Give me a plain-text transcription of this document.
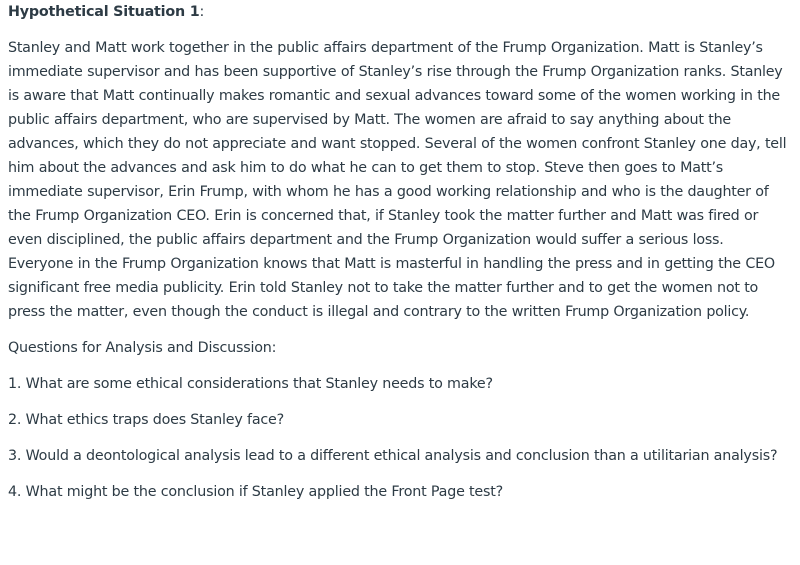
Hypothetical Situation 1:

Stanley and Matt work together in the public affairs department of the Frump Organization. Matt is Stanley’s immediate supervisor and has been supportive of Stanley’s rise through the Frump Organization ranks. Stanley is aware that Matt continually makes romantic and sexual advances toward some of the women working in the public affairs department, who are supervised by Matt. The women are afraid to say anything about the advances, which they do not appreciate and want stopped. Several of the women confront Stanley one day, tell him about the advances and ask him to do what he can to get them to stop. Steve then goes to Matt’s immediate supervisor, Erin Frump, with whom he has a good working relationship and who is the daughter of the Frump Organization CEO. Erin is concerned that, if Stanley took the matter further and Matt was fired or even disciplined, the public affairs department and the Frump Organization would suffer a serious loss. Everyone in the Frump Organization knows that Matt is masterful in handling the press and in getting the CEO significant free media publicity. Erin told Stanley not to take the matter further and to get the women not to press the matter, even though the conduct is illegal and contrary to the written Frump Organization policy.

Questions for Analysis and Discussion:

1. What are some ethical considerations that Stanley needs to make?

2. What ethics traps does Stanley face?

3. Would a deontological analysis lead to a different ethical analysis and conclusion than a utilitarian analysis?

4. What might be the conclusion if Stanley applied the Front Page test?
